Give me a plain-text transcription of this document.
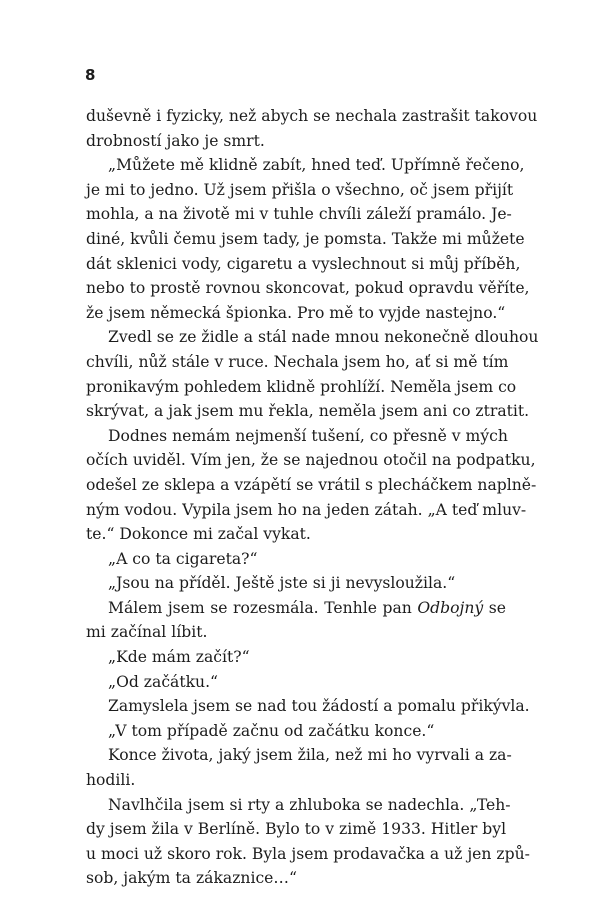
8
duševně i fyzicky, než abych se nechala zastrašit takovou
drobností jako je smrt.
„Můžete mě klidně zabít, hned teď. Upřímně řečeno,
je mi to jedno. Už jsem přišla o všechno, oč jsem přijít
mohla, a na životě mi v tuhle chvíli záleží pramálo. Je-
diné, kvůli čemu jsem tady, je pomsta. Takže mi můžete
dát sklenici vody, cigaretu a vyslechnout si můj příběh,
nebo to prostě rovnou skoncovat, pokud opravdu věříte,
že jsem německá špionka. Pro mě to vyjde nastejno.“
Zvedl se ze židle a stál nade mnou nekonečně dlouhou
chvíli, nůž stále v ruce. Nechala jsem ho, ať si mě tím
pronikavým pohledem klidně prohlíží. Neměla jsem co
skrývat, a jak jsem mu řekla, neměla jsem ani co ztratit.
Dodnes nemám nejmenší tušení, co přesně v mých
očích uviděl. Vím jen, že se najednou otočil na podpatku,
odešel ze sklepa a vzápětí se vrátil s plecháčkem naplně-
ným vodou. Vypila jsem ho na jeden zátah. „A teď mluv-
te.“ Dokonce mi začal vykat.
„A co ta cigareta?“
„Jsou na příděl. Ještě jste si ji nevysloužila.“
Málem jsem se rozesmála. Tenhle pan Odbojný se
mi začínal líbit.
„Kde mám začít?“
„Od začátku.“
Zamyslela jsem se nad tou žádostí a pomalu přikývla.
„V tom případě začnu od začátku konce.“
Konce života, jaký jsem žila, než mi ho vyrvali a za-
hodili.
Navlhčila jsem si rty a zhluboka se nadechla. „Teh-
dy jsem žila v Berlíně. Bylo to v zimě 1933. Hitler byl
u moci už skoro rok. Byla jsem prodavačka a už jen způ-
sob, jakým ta zákaznice…“
